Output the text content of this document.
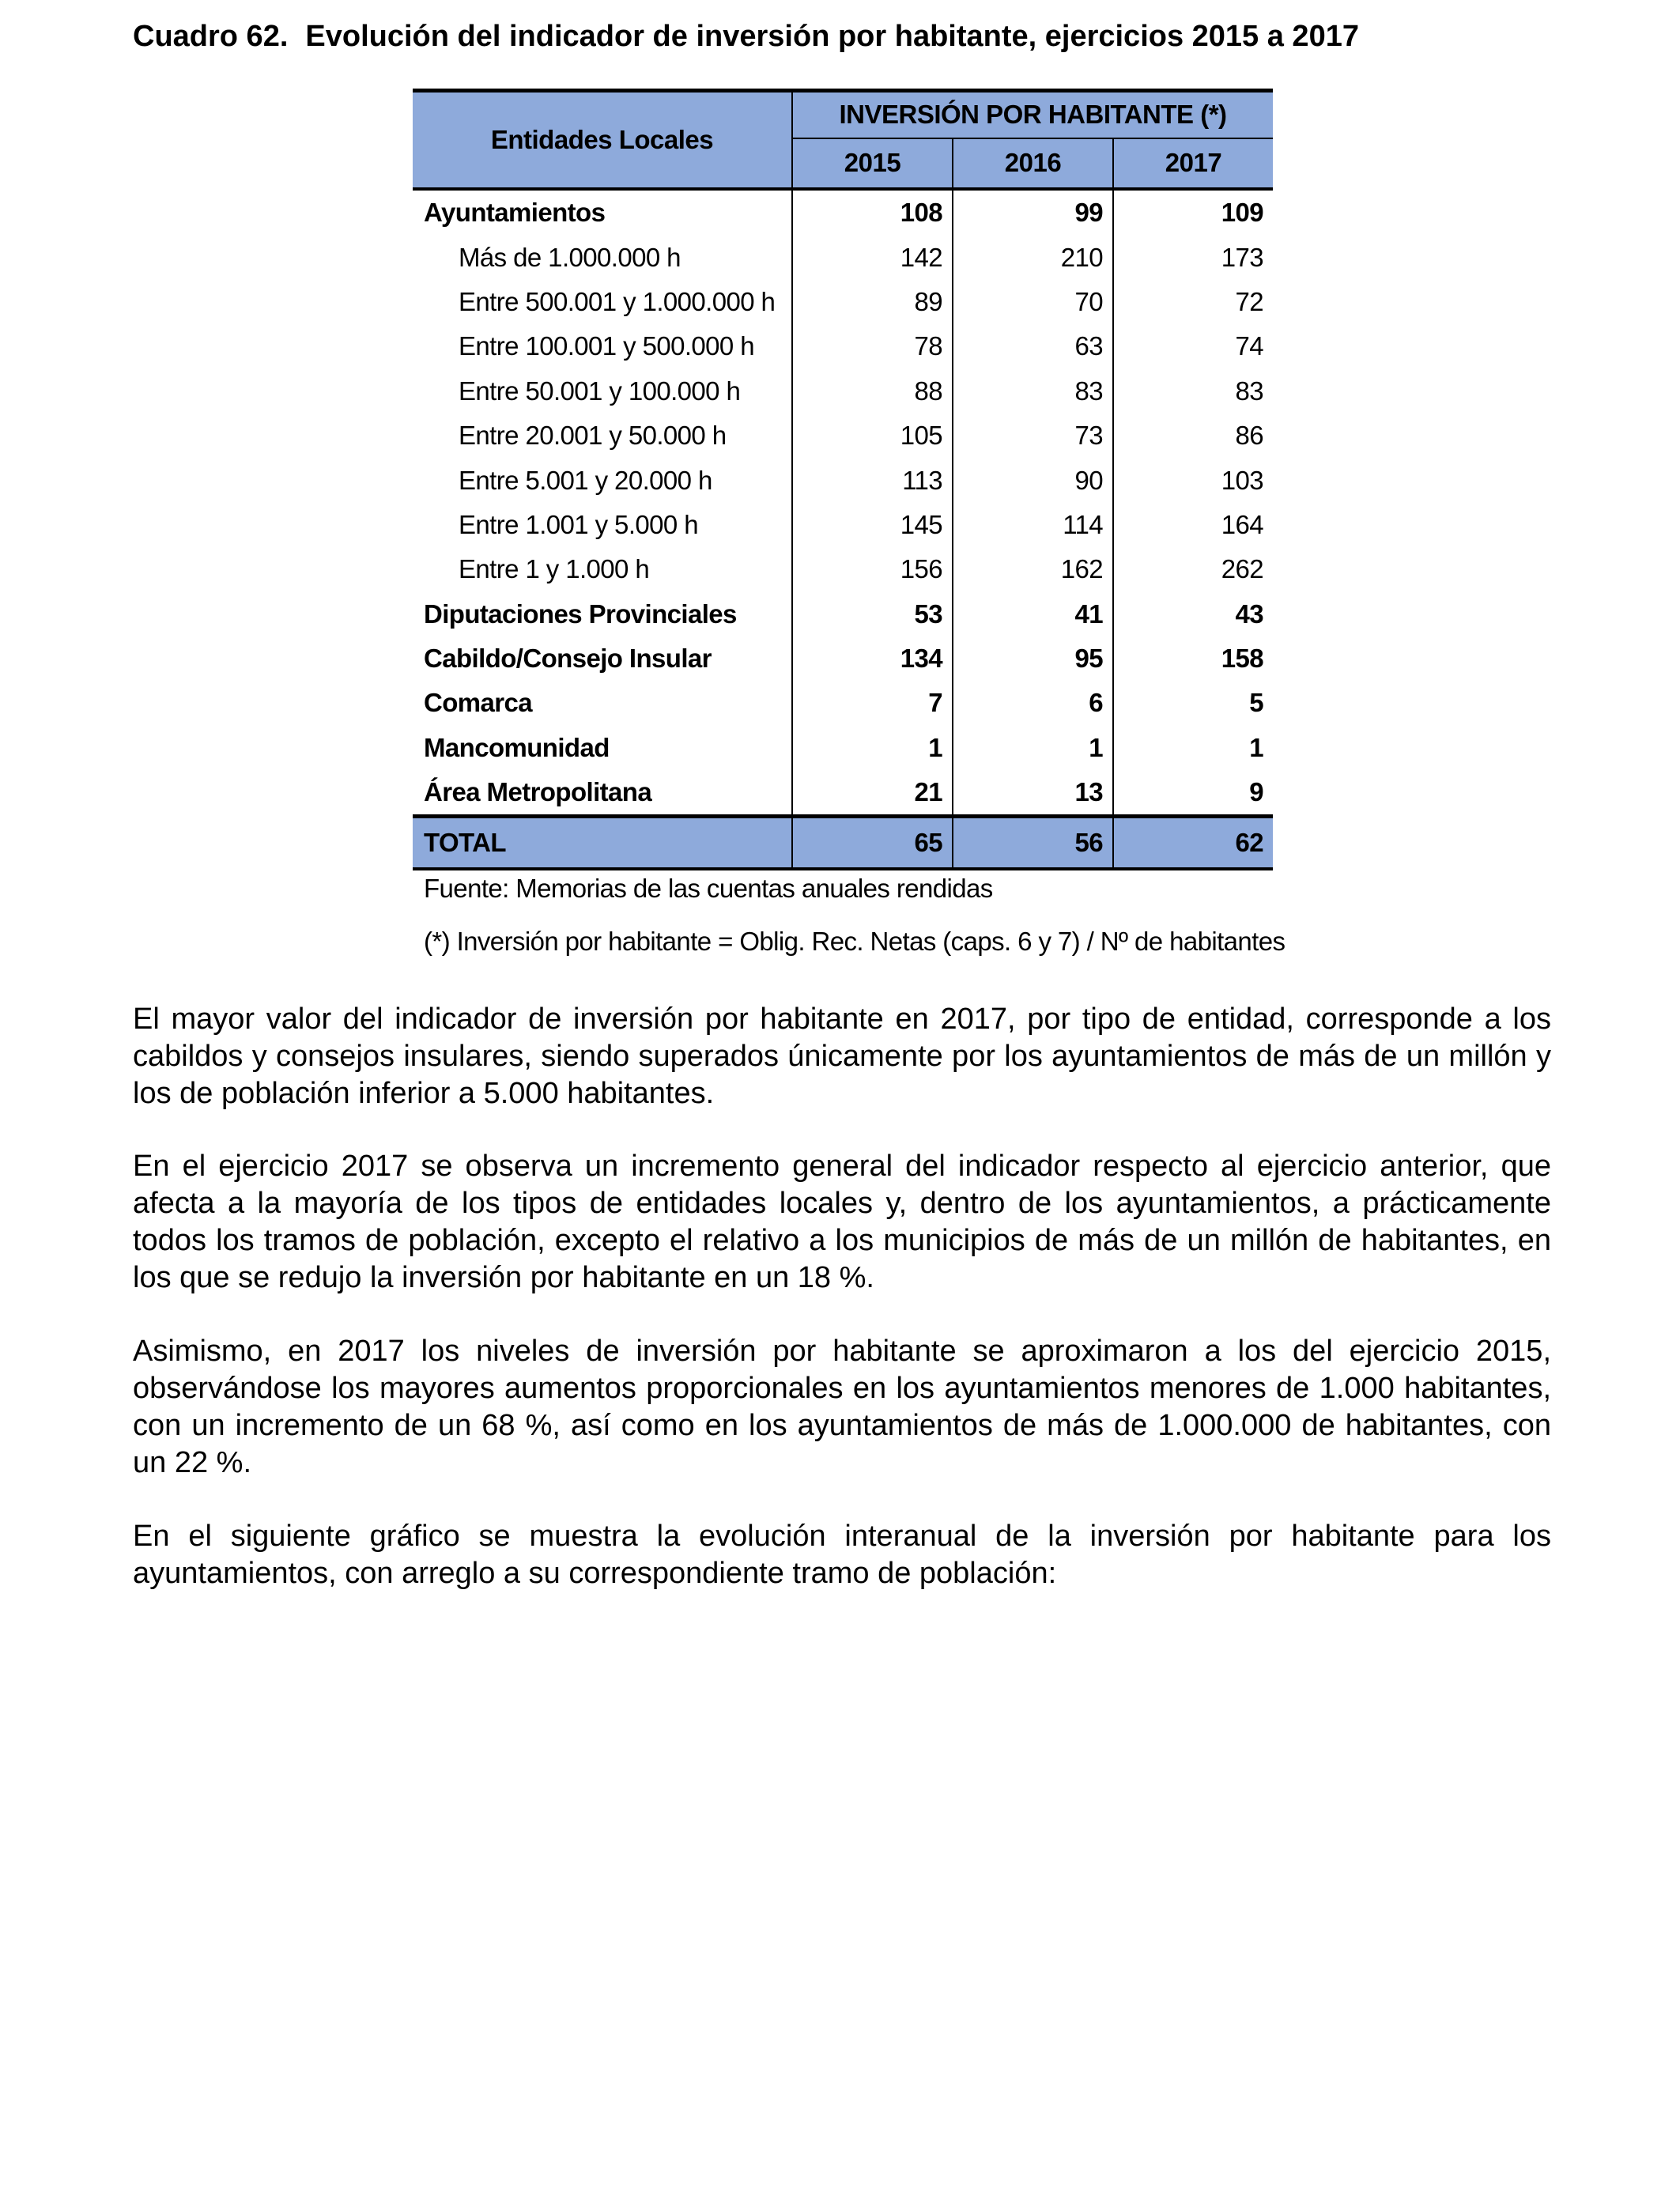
Cuadro 62. Evolución del indicador de inversión por habitante, ejercicios 2015 a 2017
Entidades Locales	INVERSIÓN POR HABITANTE (*)		
	2015	2016	2017
Ayuntamientos	108	99	109
Más de 1.000.000 h	142	210	173
Entre 500.001 y 1.000.000 h	89	70	72
Entre 100.001 y 500.000 h	78	63	74
Entre 50.001 y 100.000 h	88	83	83
Entre 20.001 y 50.000 h	105	73	86
Entre 5.001 y 20.000 h	113	90	103
Entre 1.001 y 5.000 h	145	114	164
Entre 1 y 1.000 h	156	162	262
Diputaciones Provinciales	53	41	43
Cabildo/Consejo Insular	134	95	158
Comarca	7	6	5
Mancomunidad	1	1	1
Área Metropolitana	21	13	9
TOTAL	65	56	62
Fuente: Memorias de las cuentas anuales rendidas
(*) Inversión por habitante = Oblig. Rec. Netas (caps. 6 y 7) / Nº de habitantes

El mayor valor del indicador de inversión por habitante en 2017, por tipo de entidad, corresponde a los cabildos y consejos insulares, siendo superados únicamente por los ayuntamientos de más de un millón y los de población inferior a 5.000 habitantes.

En el ejercicio 2017 se observa un incremento general del indicador respecto al ejercicio anterior, que afecta a la mayoría de los tipos de entidades locales y, dentro de los ayuntamientos, a prácticamente todos los tramos de población, excepto el relativo a los municipios de más de un millón de habitantes, en los que se redujo la inversión por habitante en un 18 %.

Asimismo, en 2017 los niveles de inversión por habitante se aproximaron a los del ejercicio 2015, observándose los mayores aumentos proporcionales en los ayuntamientos menores de 1.000 habitantes, con un incremento de un 68 %, así como en los ayuntamientos de más de 1.000.000 de habitantes, con un 22 %.

En el siguiente gráfico se muestra la evolución interanual de la inversión por habitante para los ayuntamientos, con arreglo a su correspondiente tramo de población:
